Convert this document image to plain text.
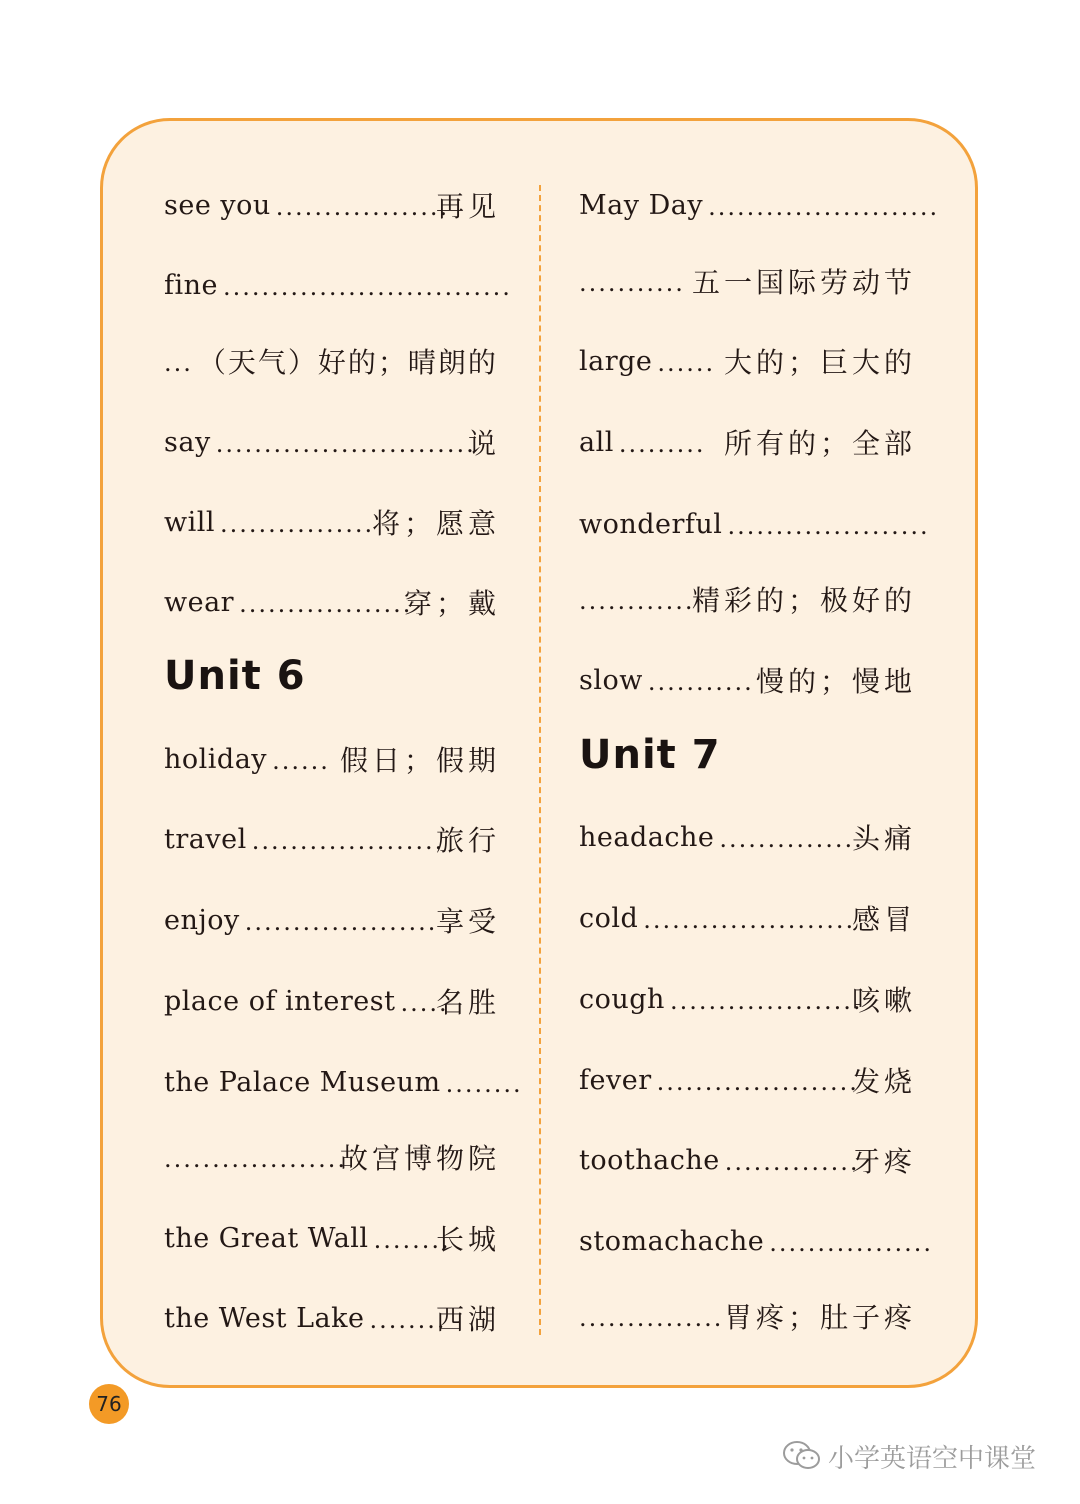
see you ..................
再见
fine ..............................
... （天气）好的；晴朗的
say ...........................
说
will ................
将；愿意
wear ..................
穿；戴
Unit 6
holiday ...... 假日；假期
travel ....................
旅行
enjoy ....................
享受
place of interest .....
名胜
the Palace Museum ........
...................
故宫博物院
the Great Wall ........
长城
the West Lake ........
西湖
May Day ........................
........... 五一国际劳动节
large ...... 大的；巨大的
all ......... 所有的；全部
wonderful .....................
............
精彩的；极好的
slow ........... 慢的；慢地
Unit 7
headache ...............
头痛
cold ......................
感冒
cough ....................
咳嗽
fever .....................
发烧
toothache ..............
牙疼
stomachache .................
............... 胃疼；肚子疼
76
小学英语空中课堂
